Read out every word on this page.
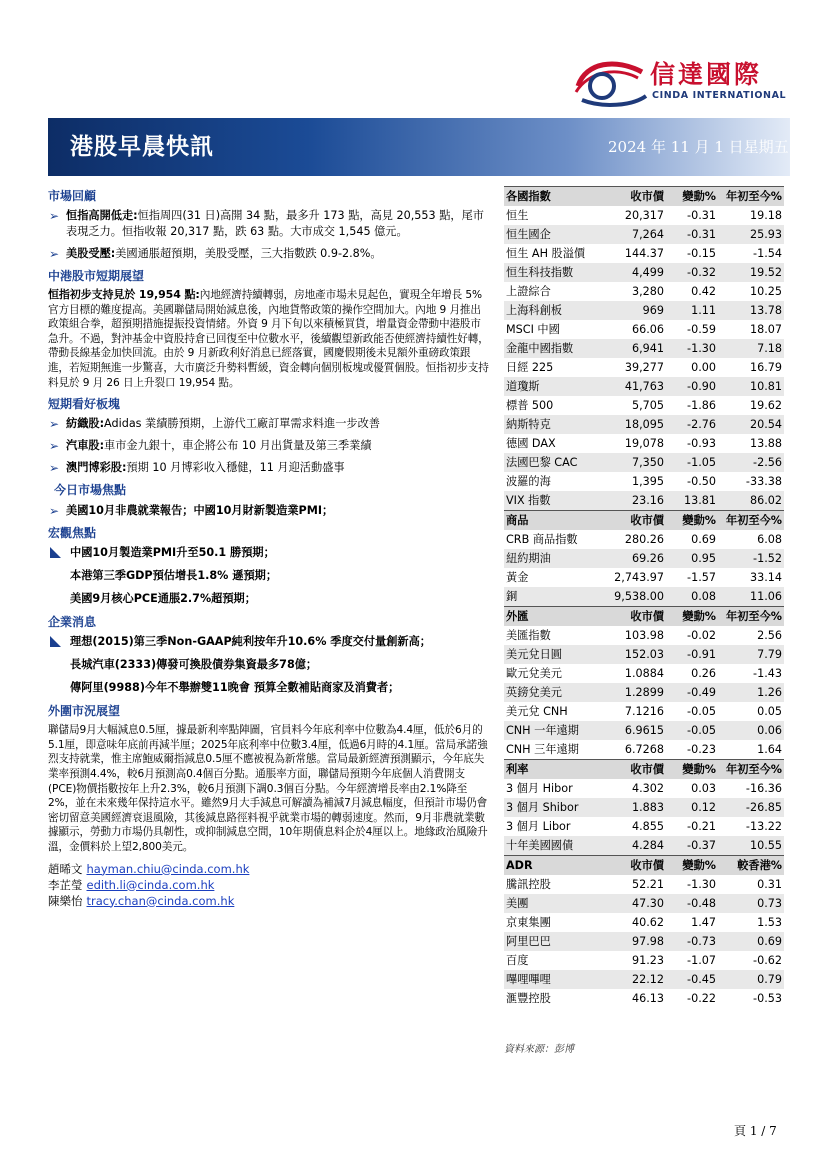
信達國際
CINDA INTERNATIONAL
港股早晨快訊	2024 年 11 月 1 日星期五
市場回顧
➢ 恒指高開低走:恒指周四(31 日)高開 34 點，最多升 173 點，高見 20,553 點，尾市表現乏力。恒指收報 20,317 點，跌 63 點。大市成交 1,545 億元。
➢ 美股受壓:美國通脹超預期，美股受壓，三大指數跌 0.9-2.8%。
中港股市短期展望
恒指初步支持見於 19,954 點:內地經濟持續轉弱，房地產市場未見起色，實現全年增長 5%官方目標的難度提高。美國聯儲局開始減息後，內地貨幣政策的操作空間加大。內地 9 月推出政策組合拳，超預期措施提振投資情緒。外資 9 月下旬以來積極買貨，增量資金帶動中港股市急升。不過，對沖基金中資股持倉已回復至中位數水平，後續觀望新政能否使經濟持續性好轉，帶動長線基金加快回流。由於 9 月新政利好消息已經落實，國慶假期後未見額外重磅政策跟進，若短期無進一步驚喜，大市廣泛升勢料暫緩，資金轉向個別板塊或優質個股。恒指初步支持料見於 9 月 26 日上升裂口 19,954 點。
短期看好板塊
➢ 紡織股:Adidas 業績勝預期，上游代工廠訂單需求料進一步改善
➢ 汽車股:車市金九銀十，車企將公布 10 月出貨量及第三季業績
➢ 澳門博彩股:預期 10 月博彩收入穩健，11 月迎活動盛事
今日市場焦點
➢ 美國10月非農就業報告；中國10月財新製造業PMI；
宏觀焦點
中國10月製造業PMI升至50.1 勝預期；
本港第三季GDP預估增長1.8% 遜預期；
美國9月核心PCE通脹2.7%超預期；
企業消息
理想(2015)第三季Non-GAAP純利按年升10.6% 季度交付量創新高；
長城汽車(2333)傳發可換股債券集資最多78億；
傳阿里(9988)今年不舉辦雙11晚會 預算全數補貼商家及消費者；
外圍市況展望
聯儲局9月大幅減息0.5厘，據最新利率點陣圖，官員料今年底利率中位數為4.4厘，低於6月的5.1厘，即意味年底前再減半厘；2025年底利率中位數3.4厘，低過6月時的4.1厘。當局承諾強烈支持就業，惟主席鮑威爾指減息0.5厘不應被視為新常態。當局最新經濟預測顯示，今年底失業率預測4.4%，較6月預測高0.4個百分點。通脹率方面，聯儲局預期今年底個人消費開支(PCE)物價指數按年上升2.3%，較6月預測下調0.3個百分點。今年經濟增長率由2.1%降至2%，並在未來幾年保持這水平。雖然9月大手減息可解讀為補減7月減息幅度，但預計市場仍會密切留意美國經濟衰退風險，其後減息路徑料視乎就業市場的轉弱速度。然而，9月非農就業數據顯示，勞動力市場仍具韌性，或抑制減息空間，10年期債息料企於4厘以上。地緣政治風險升溫，金價料於上望2,800美元。
趙晞文 hayman.chiu@cinda.com.hk
李芷瑩 edith.li@cinda.com.hk
陳樂怡 tracy.chan@cinda.com.hk
各國指數	收市價	變動%	年初至今%
恒生	20,317	-0.31	19.18
恒生國企	7,264	-0.31	25.93
恒生 AH 股溢價	144.37	-0.15	-1.54
恒生科技指數	4,499	-0.32	19.52
上證綜合	3,280	0.42	10.25
上海科創板	969	1.11	13.78
MSCI 中國	66.06	-0.59	18.07
金龍中國指數	6,941	-1.30	7.18
日經 225	39,277	0.00	16.79
道瓊斯	41,763	-0.90	10.81
標普 500	5,705	-1.86	19.62
納斯特克	18,095	-2.76	20.54
德國 DAX	19,078	-0.93	13.88
法國巴黎 CAC	7,350	-1.05	-2.56
波羅的海	1,395	-0.50	-33.38
VIX 指數	23.16	13.81	86.02
商品	收市價	變動%	年初至今%
CRB 商品指數	280.26	0.69	6.08
紐約期油	69.26	0.95	-1.52
黃金	2,743.97	-1.57	33.14
銅	9,538.00	0.08	11.06
外匯	收市價	變動%	年初至今%
美匯指數	103.98	-0.02	2.56
美元兌日圓	152.03	-0.91	7.79
歐元兌美元	1.0884	0.26	-1.43
英鎊兌美元	1.2899	-0.49	1.26
美元兌 CNH	7.1216	-0.05	0.05
CNH 一年遠期	6.9615	-0.05	0.06
CNH 三年遠期	6.7268	-0.23	1.64
利率	收市價	變動%	年初至今%
3 個月 Hibor	4.302	0.03	-16.36
3 個月 Shibor	1.883	0.12	-26.85
3 個月 Libor	4.855	-0.21	-13.22
十年美國國債	4.284	-0.37	10.55
ADR	收市價	變動%	較香港%
騰訊控股	52.21	-1.30	0.31
美團	47.30	-0.48	0.73
京東集團	40.62	1.47	1.53
阿里巴巴	97.98	-0.73	0.69
百度	91.23	-1.07	-0.62
嗶哩嗶哩	22.12	-0.45	0.79
滙豐控股	46.13	-0.22	-0.53
資料來源：彭博
頁 1 / 7
